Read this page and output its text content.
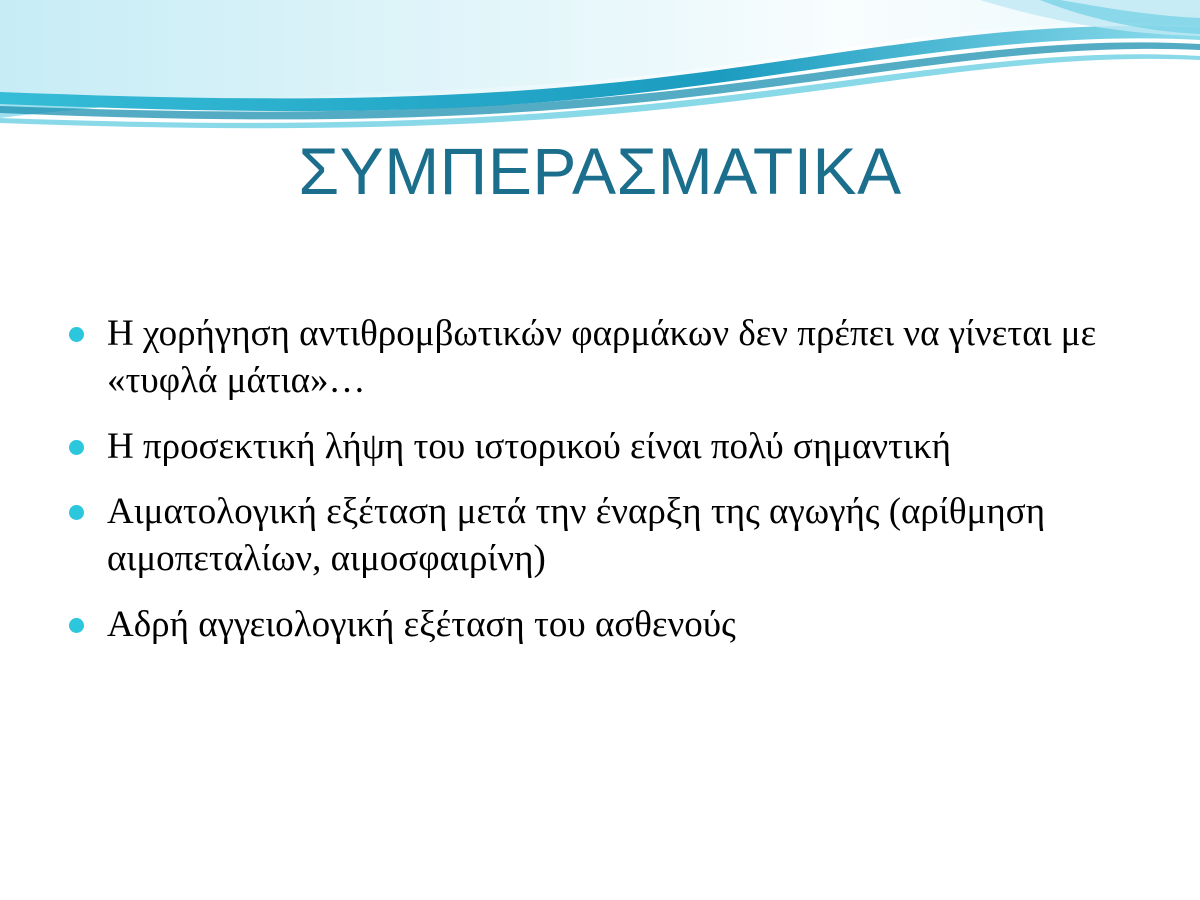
ΣΥΜΠΕΡΑΣΜΑΤΙΚΑ
Η χορήγηση αντιθρομβωτικών φαρμάκων δεν πρέπει να γίνεται με «τυφλά μάτια»…
Η προσεκτική λήψη του ιστορικού είναι πολύ σημαντική
Αιματολογική εξέταση μετά την έναρξη της αγωγής (αρίθμηση αιμοπεταλίων, αιμοσφαιρίνη)
Αδρή αγγειολογική εξέταση του ασθενούς
